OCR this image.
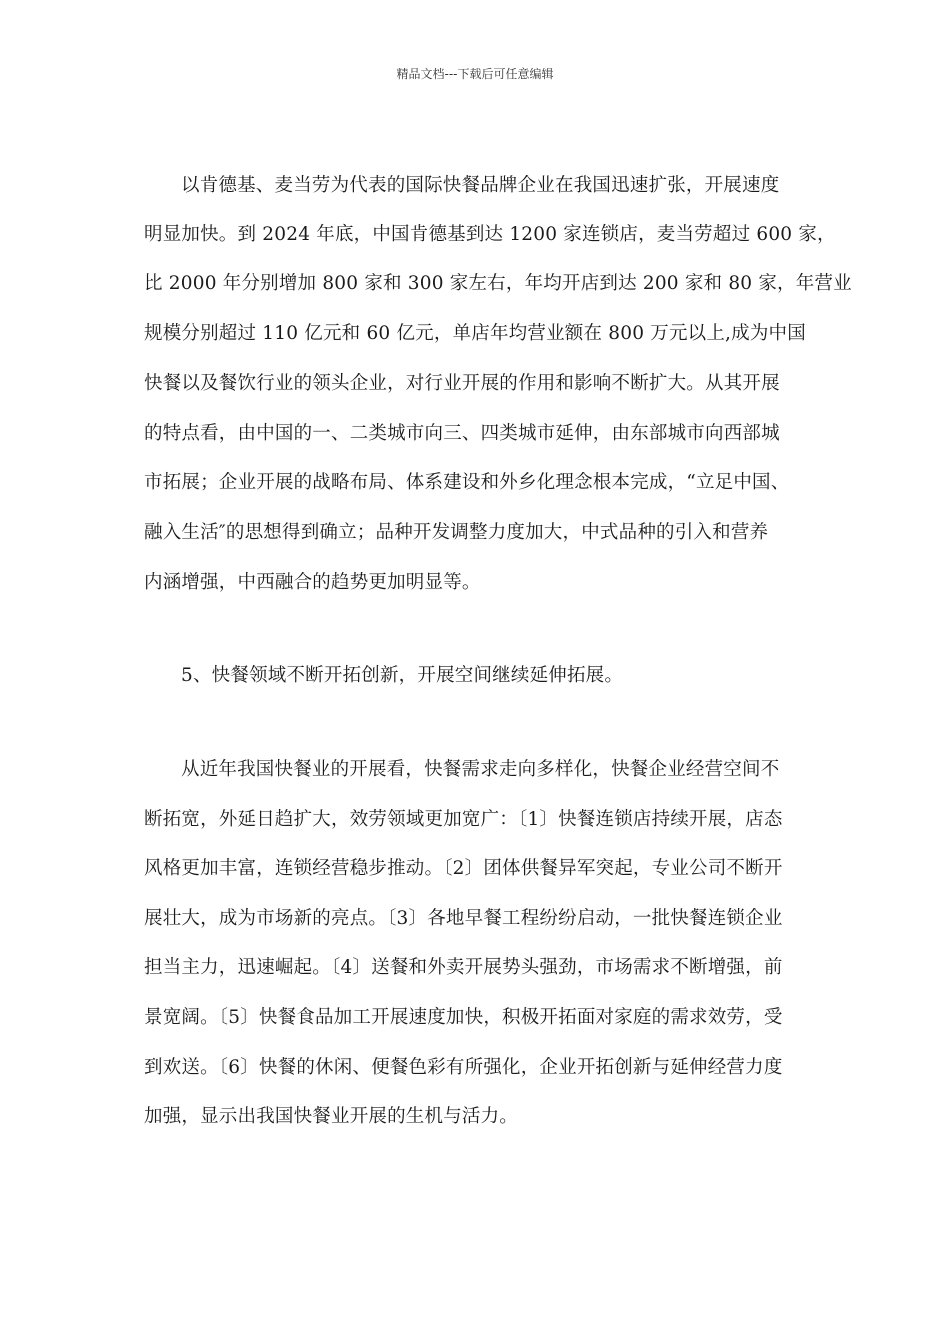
精品文档---下载后可任意编辑
以肯德基、麦当劳为代表的国际快餐品牌企业在我国迅速扩张，开展速度
明显加快。到 2024 年底，中国肯德基到达 1200 家连锁店，麦当劳超过 600 家，
比 2000 年分别增加 800 家和 300 家左右，年均开店到达 200 家和 80 家，年营业
规模分别超过 110 亿元和 60 亿元，单店年均营业额在 800 万元以上,成为中国
快餐以及餐饮行业的领头企业，对行业开展的作用和影响不断扩大。从其开展
的特点看，由中国的一、二类城市向三、四类城市延伸，由东部城市向西部城
市拓展；企业开展的战略布局、体系建设和外乡化理念根本完成，“立足中国、
融入生活″的思想得到确立；品种开发调整力度加大，中式品种的引入和营养
内涵增强，中西融合的趋势更加明显等。
5、快餐领域不断开拓创新，开展空间继续延伸拓展。
从近年我国快餐业的开展看，快餐需求走向多样化，快餐企业经营空间不
断拓宽，外延日趋扩大，效劳领域更加宽广：〔1〕快餐连锁店持续开展，店态
风格更加丰富，连锁经营稳步推动。〔2〕团体供餐异军突起，专业公司不断开
展壮大，成为市场新的亮点。〔3〕各地早餐工程纷纷启动，一批快餐连锁企业
担当主力，迅速崛起。〔4〕送餐和外卖开展势头强劲，市场需求不断增强，前
景宽阔。〔5〕快餐食品加工开展速度加快，积极开拓面对家庭的需求效劳，受
到欢送。〔6〕快餐的休闲、便餐色彩有所强化，企业开拓创新与延伸经营力度
加强，显示出我国快餐业开展的生机与活力。
